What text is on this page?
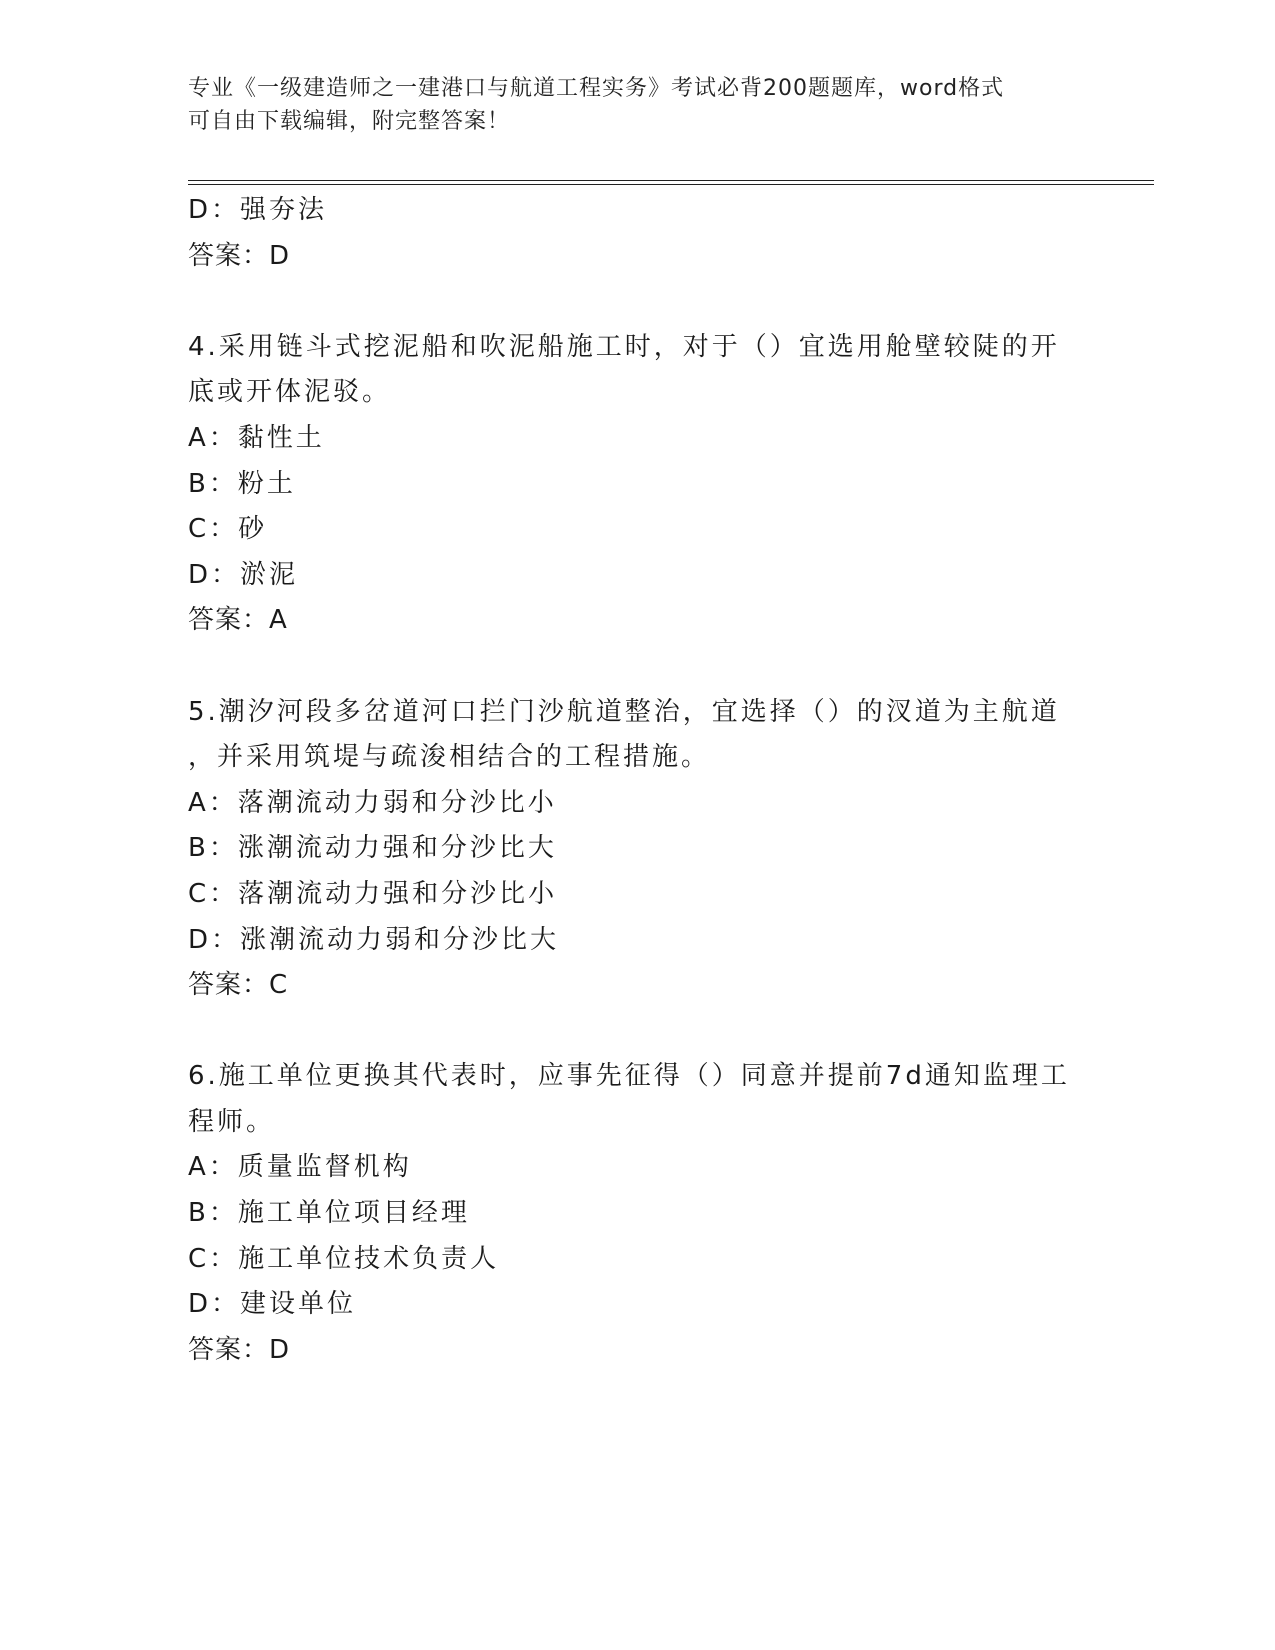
专业《一级建造师之一建港口与航道工程实务》考试必背200题题库，word格式
可自由下载编辑，附完整答案！
D：强夯法
答案：D
4.采用链斗式挖泥船和吹泥船施工时，对于（）宜选用舱壁较陡的开
底或开体泥驳。
A：黏性土
B：粉土
C：砂
D：淤泥
答案：A
5.潮汐河段多岔道河口拦门沙航道整治，宜选择（）的汊道为主航道
，并采用筑堤与疏浚相结合的工程措施。
A：落潮流动力弱和分沙比小
B：涨潮流动力强和分沙比大
C：落潮流动力强和分沙比小
D：涨潮流动力弱和分沙比大
答案：C
6.施工单位更换其代表时，应事先征得（）同意并提前7d通知监理工
程师。
A：质量监督机构
B：施工单位项目经理
C：施工单位技术负责人
D：建设单位
答案：D
